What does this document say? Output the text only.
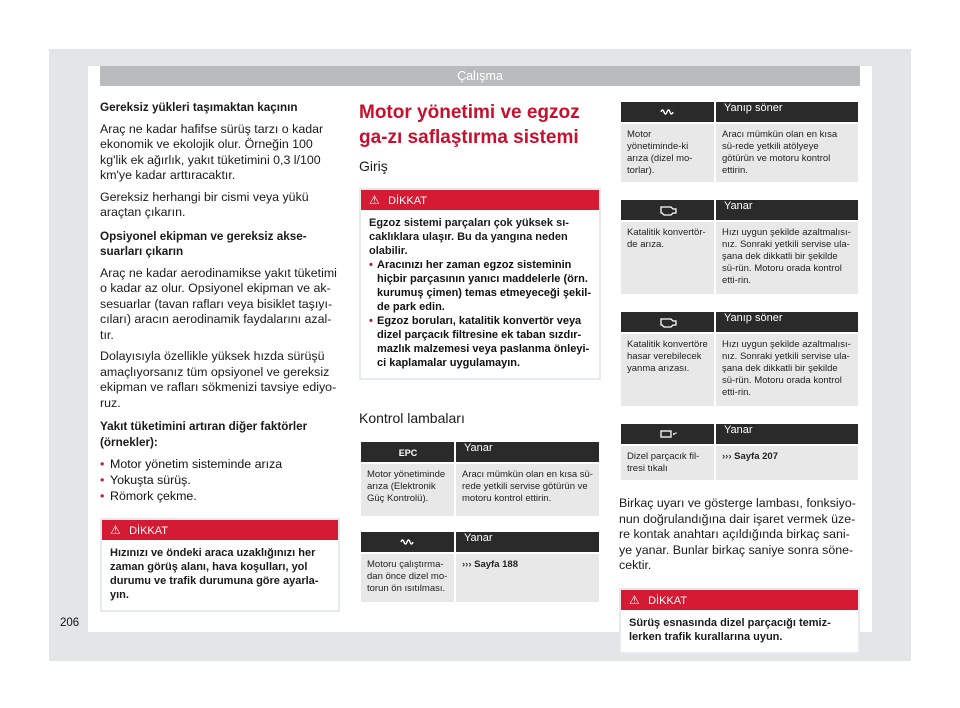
Çalışma
Gereksiz yükleri taşımaktan kaçının

Araç ne kadar hafifse sürüş tarzı o kadar ekonomik ve ekolojik olur. Örneğin 100 kg'lik ek ağırlık, yakıt tüketimini 0,3 l/100 km'ye kadar arttıracaktır.

Gereksiz herhangi bir cismi veya yükü araçtan çıkarın.

Opsiyonel ekipman ve gereksiz akse-suarları çıkarın

Araç ne kadar aerodinamikse yakıt tüketimi o kadar az olur. Opsiyonel ekipman ve ak-sesuarlar (tavan rafları veya bisiklet taşıyı-cıları) aracın aerodinamik faydalarını azal-tır.

Dolayısıyla özellikle yüksek hızda sürüşü amaçlıyorsanız tüm opsiyonel ve gereksiz ekipman ve rafları sökmenizi tavsiye ediyo-ruz.

Yakıt tüketimini artıran diğer faktörler (örnekler):
• Motor yönetim sisteminde arıza
• Yokuşta sürüş.
• Römork çekme.
⚠ DİKKAT
Hızınızı ve öndeki araca uzaklığınızı her zaman görüş alanı, hava koşulları, yol durumu ve trafik durumuna göre ayarla-yın.
Motor yönetimi ve egzoz ga-zı saflaştırma sistemi
Giriş
⚠ DİKKAT
Egzoz sistemi parçaları çok yüksek sı-caklıklara ulaşır. Bu da yangına neden olabilir.
• Aracınızı her zaman egzoz sisteminin hiçbir parçasının yanıcı maddelerle (örn. kurumuş çimen) temas etmeyeceği şekil-de park edin.
• Egzoz boruları, katalitik konvertör veya dizel parçacık filtresine ek taban sızdır-mazlık malzemesi veya paslanma önleyi-ci kaplamalar uygulamayın.
Kontrol lambaları
EPC	Yanar
Motor yönetiminde arıza (Elektronik Güç Kontrolü).	Aracı mümkün olan en kısa sü-rede yetkili servise götürün ve motoru kontrol ettirin.
	Yanar
Motoru çalıştırma-dan önce dizel mo-torun ön ısıtılması.	››› Sayfa 188
	Yanıp söner
Motor yönetiminde-ki arıza (dizel mo-torlar).	Aracı mümkün olan en kısa sü-rede yetkili atölyeye götürün ve motoru kontrol ettirin.
	Yanar
Katalitik konvertör-de arıza.	Hızı uygun şekilde azaltmalısı-nız. Sonraki yetkili servise ula-şana dek dikkatli bir şekilde sü-rün. Motoru orada kontrol etti-rin.
	Yanıp söner
Katalitik konvertöre hasar verebilecek yanma arızası.	Hızı uygun şekilde azaltmalısı-nız. Sonraki yetkili servise ula-şana dek dikkatli bir şekilde sü-rün. Motoru orada kontrol etti-rin.
	Yanar
Dizel parçacık fil-tresi tıkalı	››› Sayfa 207

Birkaç uyarı ve gösterge lambası, fonksiyo-nun doğrulandığına dair işaret vermek üze-re kontak anahtarı açıldığında birkaç sani-ye yanar. Bunlar birkaç saniye sonra söne-cektir.

⚠ DİKKAT
Sürüş esnasında dizel parçacığı temiz-lerken trafik kurallarına uyun.
206
